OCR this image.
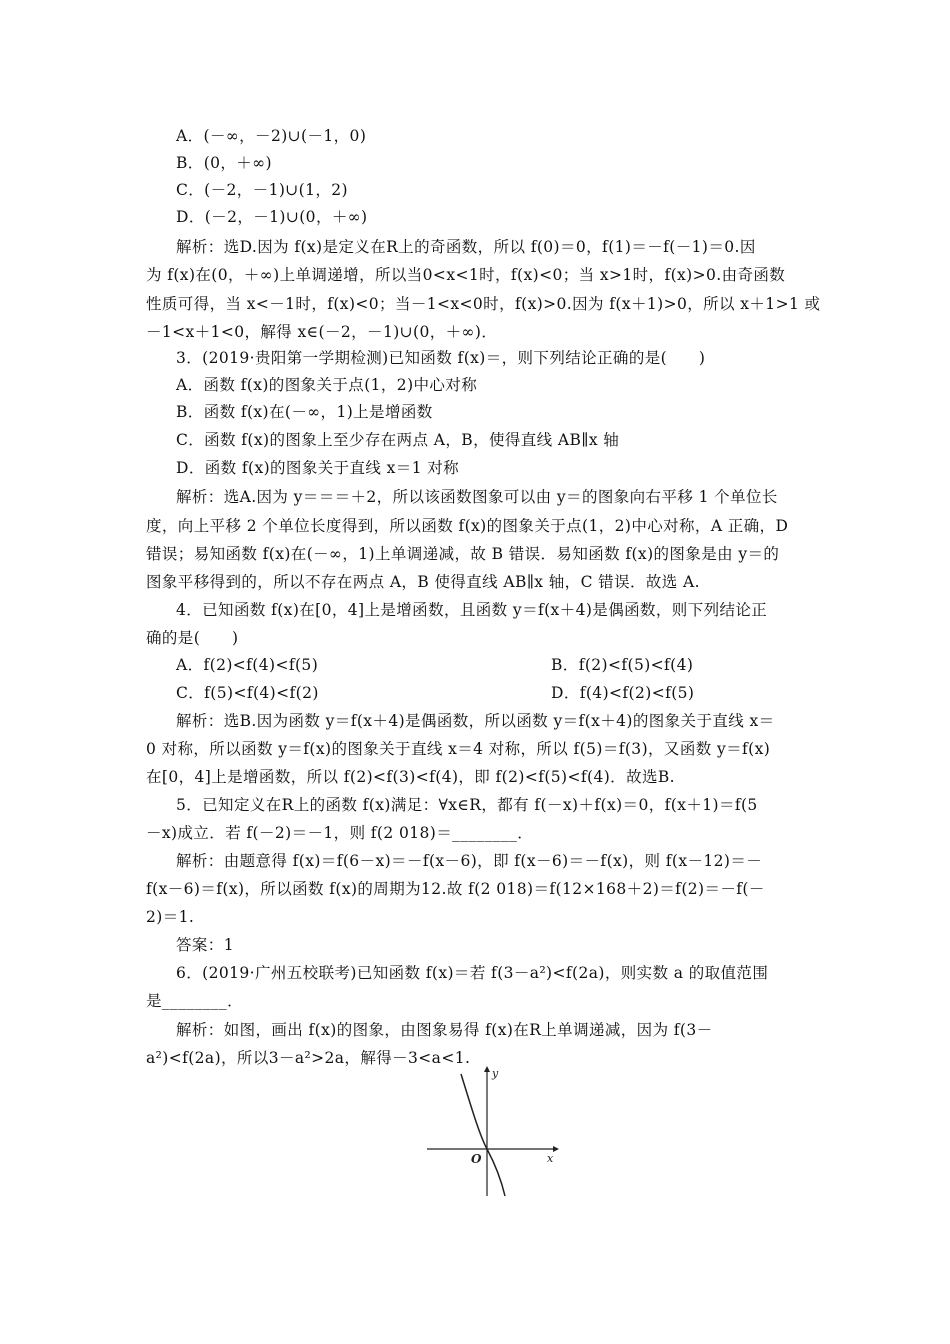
A．(－∞，－2)∪(－1，0)
B．(0，＋∞)
C．(－2，－1)∪(1，2)
D．(－2，－1)∪(0，＋∞)
解析：选D.因为 f(x)是定义在R上的奇函数，所以 f(0)＝0，f(1)＝－f(－1)＝0.因
为 f(x)在(0，＋∞)上单调递增，所以当0<x<1时，f(x)<0；当 x>1时，f(x)>0.由奇函数
性质可得，当 x<－1时，f(x)<0；当－1<x<0时，f(x)>0.因为 f(x＋1)>0，所以 x＋1>1 或
－1<x＋1<0，解得 x∈(－2，－1)∪(0，＋∞)．
3．(2019·贵阳第一学期检测)已知函数 f(x)＝，则下列结论正确的是(　　)
A．函数 f(x)的图象关于点(1，2)中心对称
B．函数 f(x)在(－∞，1)上是增函数
C．函数 f(x)的图象上至少存在两点 A，B，使得直线 AB∥x 轴
D．函数 f(x)的图象关于直线 x＝1 对称
解析：选A.因为 y＝＝＝＋2，所以该函数图象可以由 y＝的图象向右平移 1 个单位长
度，向上平移 2 个单位长度得到，所以函数 f(x)的图象关于点(1，2)中心对称，A 正确，D
错误；易知函数 f(x)在(－∞，1)上单调递减，故 B 错误．易知函数 f(x)的图象是由 y＝的
图象平移得到的，所以不存在两点 A，B 使得直线 AB∥x 轴，C 错误．故选 A.
4．已知函数 f(x)在[0，4]上是增函数，且函数 y＝f(x＋4)是偶函数，则下列结论正
确的是(　　)
A．f(2)<f(4)<f(5)	B．f(2)<f(5)<f(4)
C．f(5)<f(4)<f(2)	D．f(4)<f(2)<f(5)
解析：选B.因为函数 y＝f(x＋4)是偶函数，所以函数 y＝f(x＋4)的图象关于直线 x＝
0 对称，所以函数 y＝f(x)的图象关于直线 x＝4 对称，所以 f(5)＝f(3)，又函数 y＝f(x)
在[0，4]上是增函数，所以 f(2)<f(3)<f(4)，即 f(2)<f(5)<f(4)．故选B.
5．已知定义在R上的函数 f(x)满足：∀x∈R，都有 f(－x)＋f(x)＝0，f(x＋1)＝f(5
－x)成立．若 f(－2)＝－1，则 f(2 018)＝________．
解析：由题意得 f(x)＝f(6－x)＝－f(x－6)，即 f(x－6)＝－f(x)，则 f(x－12)＝－
f(x－6)＝f(x)，所以函数 f(x)的周期为12.故 f(2 018)＝f(12×168＋2)＝f(2)＝－f(－
2)＝1.
答案：1
6．(2019·广州五校联考)已知函数 f(x)＝若 f(3－a²)<f(2a)，则实数 a 的取值范围
是________．
解析：如图，画出 f(x)的图象，由图象易得 f(x)在R上单调递减，因为 f(3－
a²)<f(2a)，所以3－a²>2a，解得－3<a<1.
x
y
O
